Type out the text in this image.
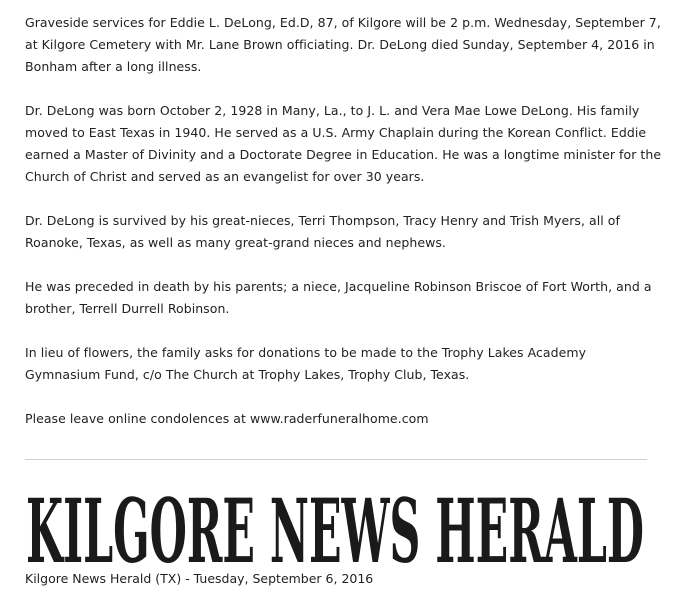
Graveside services for Eddie L. DeLong, Ed.D, 87, of Kilgore will be 2 p.m. Wednesday, September 7, at Kilgore Cemetery with Mr. Lane Brown officiating. Dr. DeLong died Sunday, September 4, 2016 in Bonham after a long illness.

Dr. DeLong was born October 2, 1928 in Many, La., to J. L. and Vera Mae Lowe DeLong. His family moved to East Texas in 1940. He served as a U.S. Army Chaplain during the Korean Conflict. Eddie earned a Master of Divinity and a Doctorate Degree in Education. He was a longtime minister for the Church of Christ and served as an evangelist for over 30 years.

Dr. DeLong is survived by his great-nieces, Terri Thompson, Tracy Henry and Trish Myers, all of Roanoke, Texas, as well as many great-grand nieces and nephews.

He was preceded in death by his parents; a niece, Jacqueline Robinson Briscoe of Fort Worth, and a brother, Terrell Durrell Robinson.

In lieu of flowers, the family asks for donations to be made to the Trophy Lakes Academy Gymnasium Fund, c/o The Church at Trophy Lakes, Trophy Club, Texas.

Please leave online condolences at www.raderfuneralhome.com

KILGORE NEWS HERALD
Kilgore News Herald (TX) - Tuesday, September 6, 2016
